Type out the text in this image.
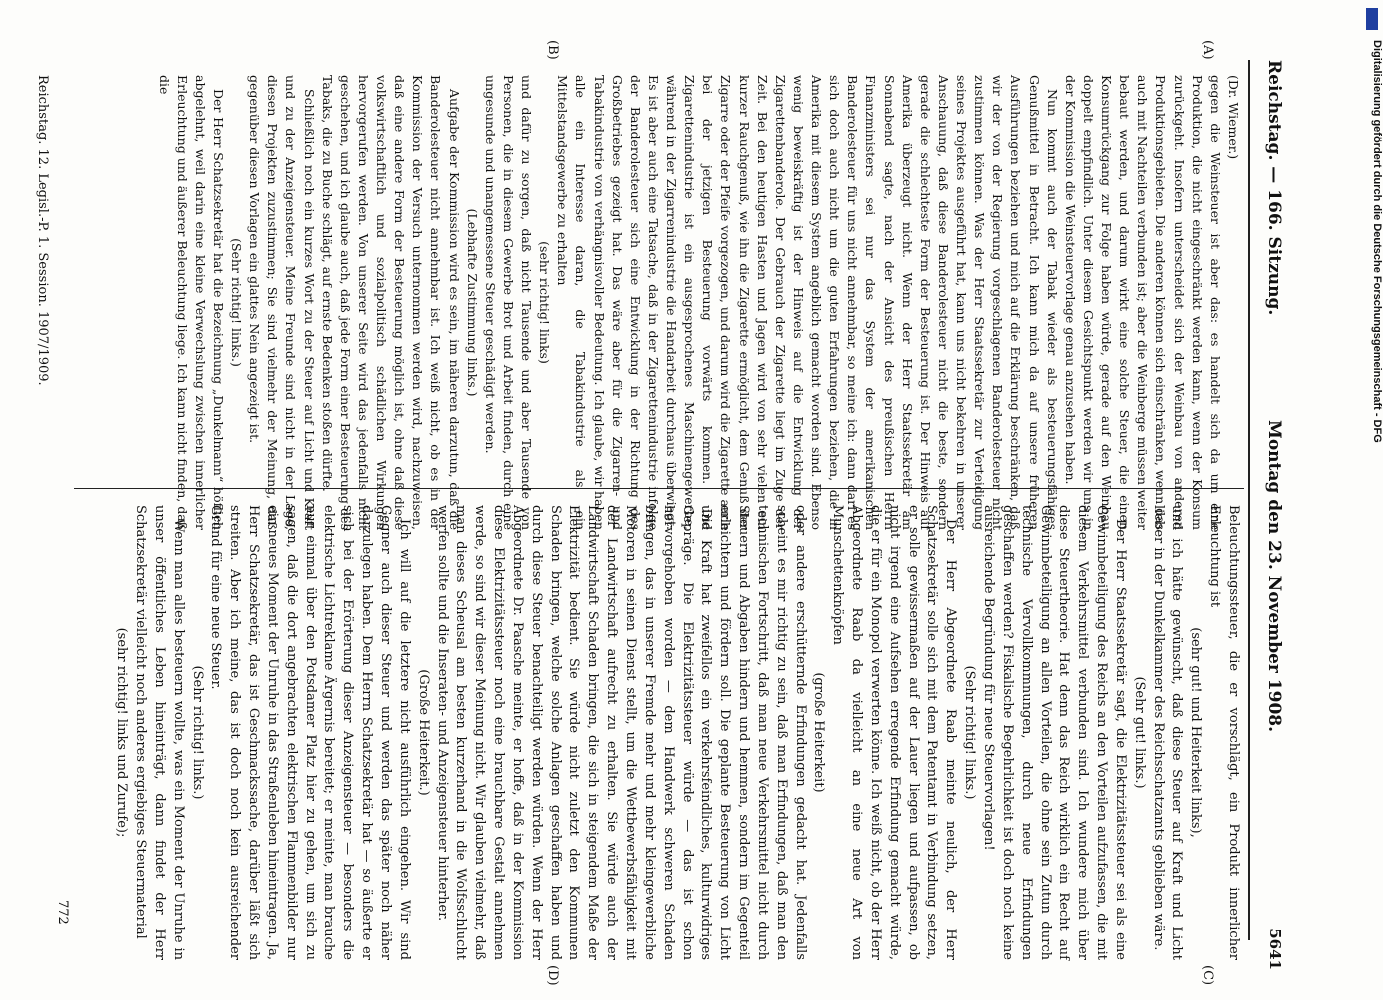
Reichstag. — 166. Sitzung.
Montag den 23. November 1908.
5641
(A)
(B)
(C)
(D)

(Dr. Wiemer.)

gegen die Weinsteuer ist aber das: es handelt sich da um eine Produktion, die nicht eingeschränkt werden kann, wenn der Konsum zurückgeht. Insofern unterscheidet sich der Weinbau von anderen Produktionsgebieten. Die anderen können sich einschränken, wenn das auch mit Nachteilen verbunden ist; aber die Weinberge müssen weiter bebaut werden, und darum wirkt eine solche Steuer, die einen Konsumrückgang zur Folge haben würde, gerade auf den Weinbau doppelt empfindlich. Unter diesem Gesichtspunkt werden wir uns in der Kommission die Weinsteuervorlage genau anzusehen haben.

Nun kommt auch der Tabak wieder als besteuerungsfähiges Genußmittel in Betracht. Ich kann mich da auf unsere früheren Ausführungen beziehen und mich auf die Erklärung beschränken, daß wir der von der Regierung vorgeschlagenen Banderolesteuer nicht zustimmen können. Was der Herr Staatssekretär zur Verteidigung seines Projektes ausgeführt hat, kann uns nicht bekehren in unserer Anschauung, daß diese Banderolesteuer nicht die beste, sondern gerade die schlechteste Form der Besteuerung ist. Der Hinweis auf Amerika überzeugt nicht. Wenn der Herr Staatssekretär am Sonnabend sagte, nach der Ansicht des preußischen Herrn Finanzministers sei nur das System der amerikanischen Banderolesteuer für uns nicht annehmbar, so meine ich: dann darf es sich doch auch nicht um die guten Erfahrungen beziehen, die in Amerika mit diesem System angeblich gemacht worden sind. Ebenso wenig beweiskräftig ist der Hinweis auf die Entwicklung der Zigarettenbanderole. Der Gebrauch der Zigarette liegt im Zuge der Zeit. Bei den heutigen Hasten und Jagen wird von sehr vielen ein kurzer Rauchgenuß, wie ihn die Zigarette ermöglicht, dem Genuß der Zigarre oder der Pfeife vorgezogen, und darum wird die Zigarette auch bei der jetzigen Besteuerung vorwärts kommen. Die Zigarettenindustrie ist ein ausgesprochenes Maschinengewerbe, während in der Zigarrenindustrie die Handarbeit durchaus überwiegt. Es ist aber auch eine Tatsache, daß in der Zigarettenindustrie infolge der Banderolesteuer sich eine Entwicklung in der Richtung des Großbetriebes gezeigt hat. Das wäre aber für die Zigarren- und Tabakindustrie von verhängnisvoller Bedeutung. Ich glaube, wir haben alle ein Interesse daran, die Tabakindustrie als ein Mittelstandsgewerbe zu erhalten

(sehr richtig! links)

und dafür zu sorgen, daß nicht Tausende und aber Tausende von Personen, die in diesem Gewerbe Brot und Arbeit finden, durch eine ungesunde und unangemessene Steuer geschädigt werden.

(Lebhafte Zustimmung links.)

Aufgabe der Kommission wird es sein, im näheren darzutun, daß die Banderolesteuer nicht annehmbar ist. Ich weiß nicht, ob es in der Kommission der Versuch unternommen werden wird, nachzuweisen, daß eine andere Form der Besteuerung möglich ist, ohne daß diese volkswirtschaftlich und sozialpolitisch schädlichen Wirkungen hervorgerufen werden. Von unserer Seite wird das jedenfalls nicht geschehen, und ich glaube auch, daß jede Form einer Besteuerung des Tabaks, die zu Buche schlägt, auf ernste Bedenken stoßen dürfte.

Schließlich noch ein kurzes Wort zu der Steuer auf Licht und Kraft und zu der Anzeigensteuer. Meine Freunde sind nicht in der Lage, diesen Projekten zuzustimmen; Sie sind vielmehr der Meinung, daß gegenüber diesen Vorlagen ein glattes Nein angezeigt ist.

(Sehr richtig! links.)

Der Herr Schatzsekretär hat die Bezeichnung „Dunkelmann“ höflich abgelehnt, weil darin eine kleine Verwechslung zwischen innerlicher Erleuchtung und äußerer Beleuchtung liege. Ich kann nicht finden, daß die

Beleuchtungssteuer, die er vorschlägt, ein Produkt innerlicher Erleuchtung ist

(sehr gut! und Heiterkeit links),

und ich hätte gewünscht, daß diese Steuer auf Kraft und Licht lieber in der Dunkelkammer des Reichsschatzamts geblieben wäre.

(Sehr gut! links.)

Der Herr Staatssekretär sagt, die Elektrizitätssteuer sei als eine Gewinnbeteiligung des Reichs an den Vorteilen aufzufassen, die mit diesem Verkehrsmittel verbunden sind. Ich wundere mich über diese Steuertheorie. Hat denn das Reich wirklich ein Recht auf Gewinnbeteiligung an allen Vorteilen, die ohne sein Zutun durch technische Vervollkommnungen, durch neue Erfindungen geschaffen werden? Fiskalische Begehrlichkeit ist doch noch keine ausreichende Begründung für neue Steuervorlagen!

(Sehr richtig! links.)

Der Herr Abgeordnete Raab meinte neulich, der Herr Schatzsekretär solle sich mit dem Patentamt in Verbindung setzen, er solle gewissermaßen auf der Lauer liegen und aufpassen, ob nicht irgend eine Aufsehen erregende Erfindung gemacht würde, die er für ein Monopol verwerten könne. Ich weiß nicht, ob der Herr Abgeordnete Raab da vielleicht an eine neue Art von Munschettenknöpfen

(große Heiterkeit)

oder andere erschütternde Erfindungen gedacht hat. Jedenfalls scheint es mir richtig zu sein, daß man Erfindungen, daß man den technischen Fortschritt, daß man neue Verkehrsmittel nicht durch Steuern und Abgaben hindern und hemmen, sondern im Gegenteil erleichtern und fördern soll. Die geplante Besteuerung von Licht und Kraft hat zweifellos ein verkehrsfeindliches, kulturwidriges Gepräge. Die Elektrizitätssteuer würde — das ist schon hervorgehoben worden — dem Handwerk schweren Schaden bringen, das in unserer Fremde mehr und mehr kleingewerbliche Motoren in seinen Dienst stellt, um die Wettbewerbsfähigkeit mit der Landwirtschaft aufrecht zu erhalten. Sie würde auch der Landwirtschaft Schaden bringen, die sich in steigendem Maße der Elektrizität bedient. Sie würde nicht zuletzt den Kommunen Schaden bringen, welche solche Anlagen geschaffen haben und durch diese Steuer benachteiligt werden würden. Wenn der Herr Abgeordnete Dr. Paasche meinte, er hoffe, daß in der Kommission diese Elektrizitätssteuer noch eine brauchbare Gestalt annehmen werde, so sind wir dieser Meinung nicht. Wir glauben vielmehr, daß man dieses Scheusal am besten kurzerhand in die Wolfsschlucht werfen sollte und die Inseraten- und Anzeigensteuer hinterher.

(Große Heiterkeit.)

Ich will auf die letztere nicht ausführlich eingehen. Wir sind Gegner auch dieser Steuer und werden das später noch näher darzulegen haben. Dem Herrn Schatzsekretär hat — so äußerte er sich bei der Erörterung dieser Anzeigensteuer — besonders die elektrische Lichtreklame Ärgernis bereitet; er meinte, man brauche nur einmal über den Potsdamer Platz hier zu gehen, um sich zu sagen, daß die dort angebrachten elektrischen Flammenbilder nur ein neues Moment der Unruhe in das Straßenleben hineintragen. Ja, Herr Schatzsekretär, das ist Geschmackssache, darüber läßt sich streiten. Aber ich meine, das ist doch noch kein ausreichender Grund für eine neue Steuer.

(Sehr richtig! links.)

Wenn man alles besteuern wollte, was ein Moment der Unruhe in unser öffentliches Leben hineinträgt, dann findet der Herr Schatzsekretär vielleicht noch anderes ergiebiges Steuermaterial

(sehr richtig! links und Zurufe);

Reichstag. 12. Legisl.-P. 1. Session. 1907/1909.
772
Digitalisierung gefördert durch die Deutsche Forschungsgemeinschaft - DFG
